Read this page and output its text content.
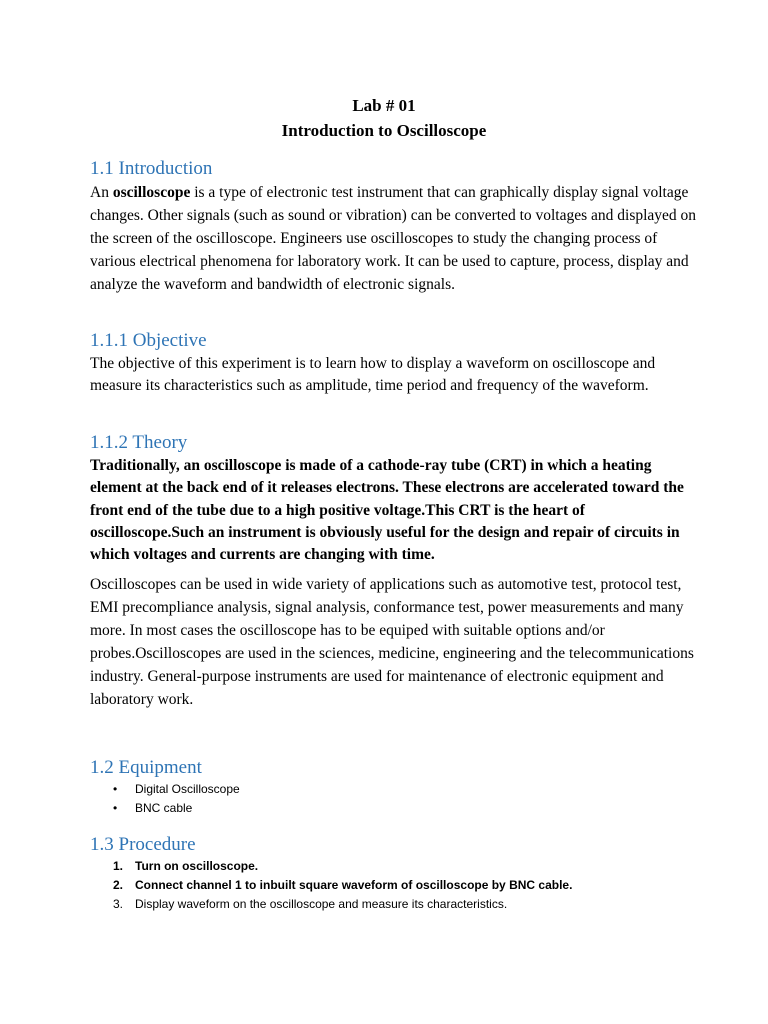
Lab # 01
Introduction to Oscilloscope
1.1 Introduction
An oscilloscope is a type of electronic test instrument that can graphically display signal voltage changes. Other signals (such as sound or vibration) can be converted to voltages and displayed on the screen of the oscilloscope. Engineers use oscilloscopes to study the changing process of various electrical phenomena for laboratory work. It can be used to capture, process, display and analyze the waveform and bandwidth of electronic signals.
1.1.1 Objective
The objective of this experiment is to learn how to display a waveform on oscilloscope and measure its characteristics such as amplitude, time period and frequency of the waveform.
1.1.2 Theory
Traditionally, an oscilloscope is made of a cathode-ray tube (CRT) in which a heating element at the back end of it releases electrons. These electrons are accelerated toward the front end of the tube due to a high positive voltage.This CRT is the heart of oscilloscope.Such an instrument is obviously useful for the design and repair of circuits in which voltages and currents are changing with time.
Oscilloscopes can be used in wide variety of applications such as automotive test, protocol test, EMI precompliance analysis, signal analysis, conformance test, power measurements and many more. In most cases the oscilloscope has to be equiped with suitable options and/or probes.Oscilloscopes are used in the sciences, medicine, engineering and the telecommunications industry. General-purpose instruments are used for maintenance of electronic equipment and laboratory work.
1.2 Equipment
• Digital Oscilloscope
• BNC cable
1.3 Procedure
1. Turn on oscilloscope.
2. Connect channel 1 to inbuilt square waveform of oscilloscope by BNC cable.
3. Display waveform on the oscilloscope and measure its characteristics.
